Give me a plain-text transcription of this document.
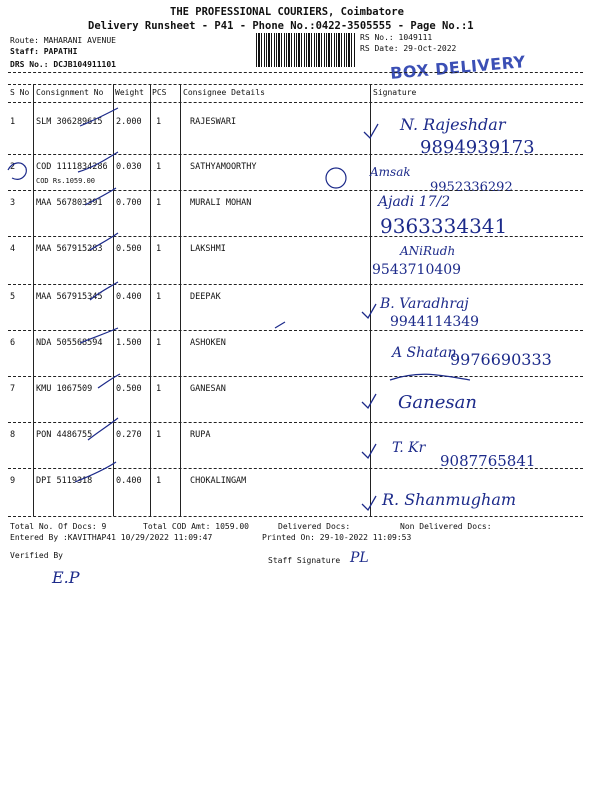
THE PROFESSIONAL COURIERS, Coimbatore
Delivery Runsheet - P41 - Phone No.:0422-3505555 - Page No.:1
Route: MAHARANI AVENUE
Staff: PAPATHI
DRS No.: DCJB104911101
RS No.: 1049111
RS Date: 29-Oct-2022
BOX DELIVERY
S No Consignment No Weight PCS Consignee Details	Signature
1 SLM 306289615 2.000 1	RAJESWARI	N. Rajeshdar
9894939173
2 COD 1111834286 0.030 1	SATHYAMOORTHY
COD Rs.1059.00
Amsak
9952336292
3 MAA 567803391 0.700 1	MURALI MOHAN	Ajadi 17/2
9363334341
4 MAA 567915283 0.500 1	LAKSHMI	ANiRudh
9543710409
5 MAA 567915345 0.400 1	DEEPAK	B. Varadhraj
9944114349
6 NDA 505568594 1.500 1	ASHOKEN
A Shatan
9976690333
7 KMU 1067509	0.500 1	GANESAN
Ganesan
8 PON 4486755	0.270 1	RUPA
T. Kr
9087765841
9 DPI 5119318	0.400 1	CHOKALINGAM
R. Shanmugham
Total No. Of Docs: 9	Total COD Amt: 1059.00	Delivered Docs:	Non Delivered Docs:
Entered By :KAVITHAP41 10/29/2022 11:09:47	Printed On: 29-10-2022 11:09:53
Verified By
Staff Signature
E.P
PL
